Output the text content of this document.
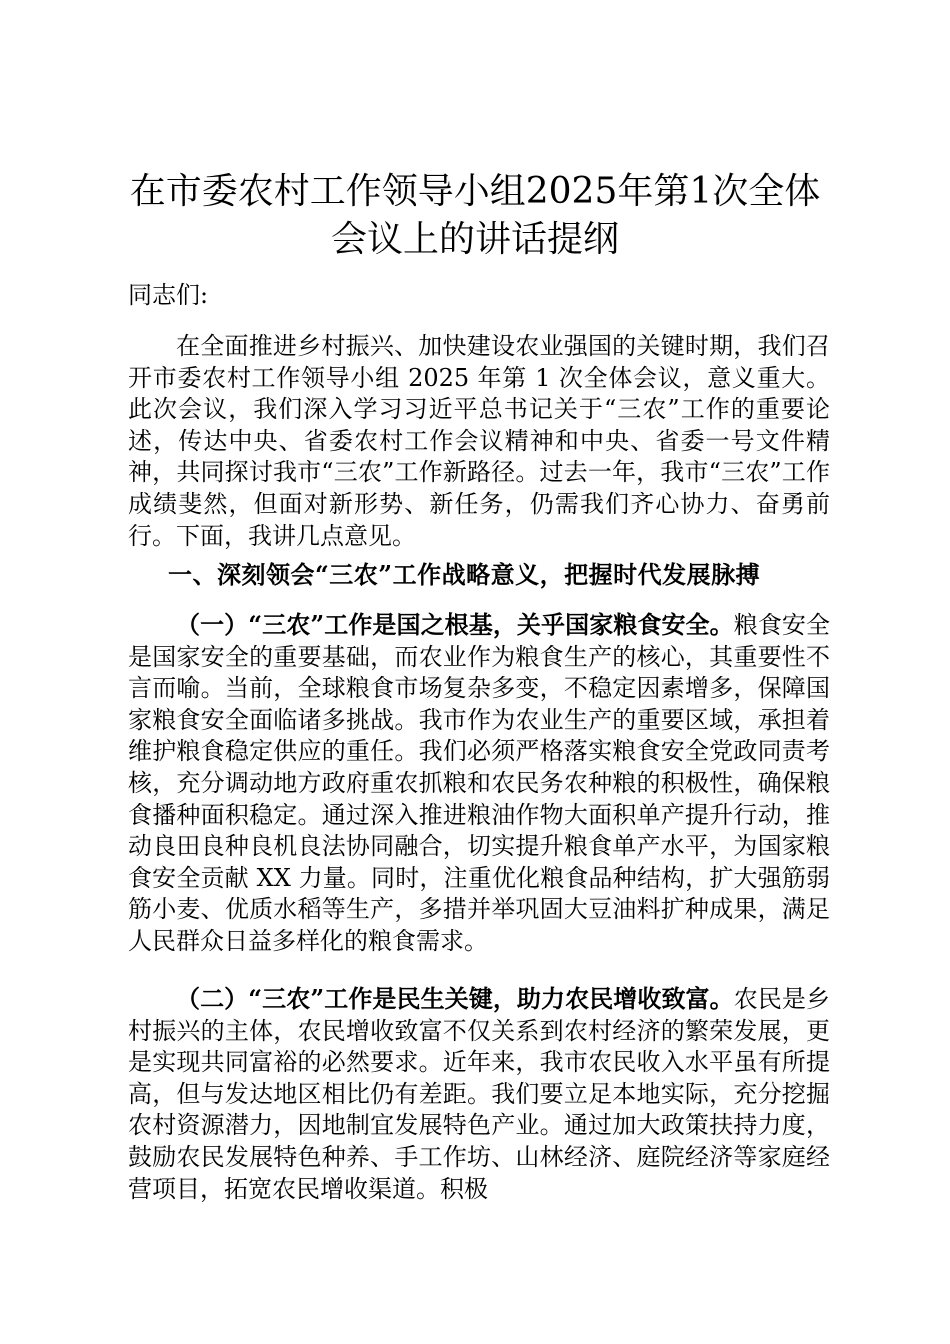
在市委农村工作领导小组2025年第1次全体
会议上的讲话提纲
同志们:
在全面推进乡村振兴、加快建设农业强国的关键时期，我们召开市委农村工作领导小组 2025 年第 1 次全体会议，意义重大。此次会议，我们深入学习习近平总书记关于“三农”工作的重要论述，传达中央、省委农村工作会议精神和中央、省委一号文件精神，共同探讨我市“三农”工作新路径。过去一年，我市“三农”工作成绩斐然，但面对新形势、新任务，仍需我们齐心协力、奋勇前行。下面，我讲几点意见。
一、深刻领会“三农”工作战略意义，把握时代发展脉搏
（一）“三农”工作是国之根基，关乎国家粮食安全。粮食安全是国家安全的重要基础，而农业作为粮食生产的核心，其重要性不言而喻。当前，全球粮食市场复杂多变，不稳定因素增多，保障国家粮食安全面临诸多挑战。我市作为农业生产的重要区域，承担着维护粮食稳定供应的重任。我们必须严格落实粮食安全党政同责考核，充分调动地方政府重农抓粮和农民务农种粮的积极性，确保粮食播种面积稳定。通过深入推进粮油作物大面积单产提升行动，推动良田良种良机良法协同融合，切实提升粮食单产水平，为国家粮食安全贡献 XX 力量。同时，注重优化粮食品种结构，扩大强筋弱筋小麦、优质水稻等生产，多措并举巩固大豆油料扩种成果，满足人民群众日益多样化的粮食需求。
（二）“三农”工作是民生关键，助力农民增收致富。农民是乡村振兴的主体，农民增收致富不仅关系到农村经济的繁荣发展，更是实现共同富裕的必然要求。近年来，我市农民收入水平虽有所提高，但与发达地区相比仍有差距。我们要立足本地实际，充分挖掘农村资源潜力，因地制宜发展特色产业。通过加大政策扶持力度，鼓励农民发展特色种养、手工作坊、山林经济、庭院经济等家庭经营项目，拓宽农民增收渠道。积极
